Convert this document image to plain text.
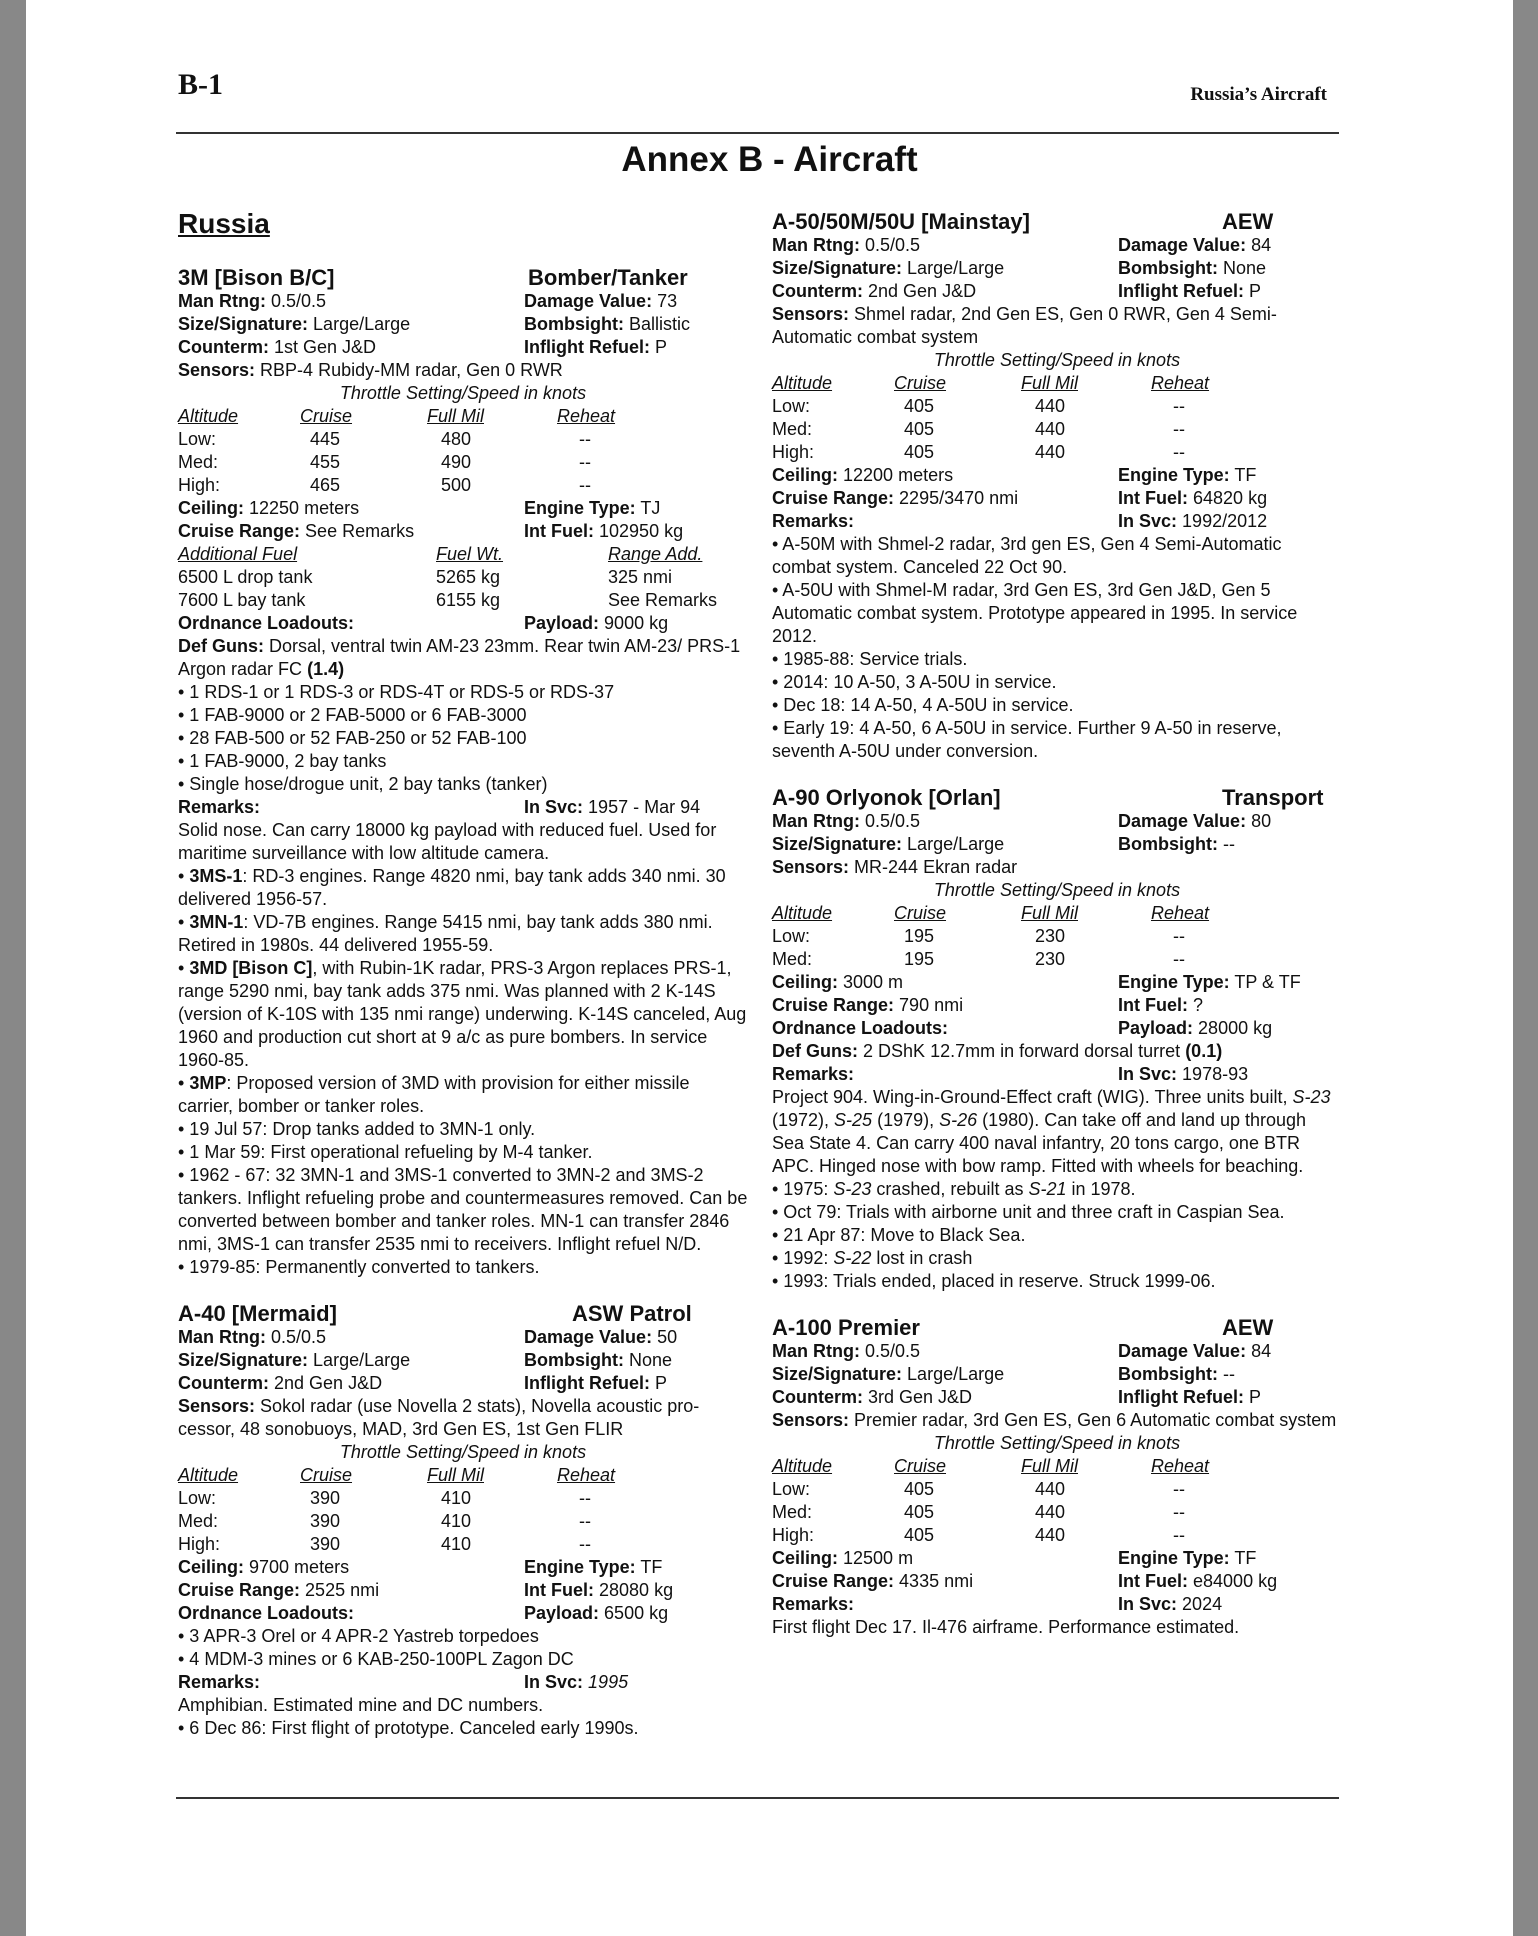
B-1	Russia’s Aircraft
Annex B - Aircraft
Russia
3M [Bison B/C]	Bomber/Tanker
Man Rtng: 0.5/0.5	Damage Value: 73
Size/Signature: Large/Large	Bombsight: Ballistic
Counterm: 1st Gen J&D	Inflight Refuel: P
Sensors: RBP-4 Rubidy-MM radar, Gen 0 RWR
Throttle Setting/Speed in knots
Altitude	Cruise	Full Mil	Reheat
Low:	445	480	--
Med:	455	490	--
High:	465	500	--
Ceiling: 12250 meters	Engine Type: TJ
Cruise Range: See Remarks	Int Fuel: 102950 kg
Additional Fuel	Fuel Wt.	Range Add.
6500 L drop tank	5265 kg	325 nmi
7600 L bay tank	6155 kg	See Remarks
Ordnance Loadouts:	Payload: 9000 kg
Def Guns: Dorsal, ventral twin AM-23 23mm. Rear twin AM-23/ PRS-1 Argon radar FC (1.4)
• 1 RDS-1 or 1 RDS-3 or RDS-4T or RDS-5 or RDS-37
• 1 FAB-9000 or 2 FAB-5000 or 6 FAB-3000
• 28 FAB-500 or 52 FAB-250 or 52 FAB-100
• 1 FAB-9000, 2 bay tanks
• Single hose/drogue unit, 2 bay tanks (tanker)
Remarks:	In Svc: 1957 - Mar 94
Solid nose. Can carry 18000 kg payload with reduced fuel. Used for maritime surveillance with low altitude camera.
• 3MS-1: RD-3 engines. Range 4820 nmi, bay tank adds 340 nmi. 30 delivered 1956-57.
• 3MN-1: VD-7B engines. Range 5415 nmi, bay tank adds 380 nmi. Retired in 1980s. 44 delivered 1955-59.
• 3MD [Bison C], with Rubin-1K radar, PRS-3 Argon replaces PRS-1, range 5290 nmi, bay tank adds 375 nmi. Was planned with 2 K-14S (version of K-10S with 135 nmi range) underwing. K-14S canceled, Aug 1960 and production cut short at 9 a/c as pure bombers. In service 1960-85.
• 3MP: Proposed version of 3MD with provision for either missile carrier, bomber or tanker roles.
• 19 Jul 57: Drop tanks added to 3MN-1 only.
• 1 Mar 59: First operational refueling by M-4 tanker.
• 1962 - 67: 32 3MN-1 and 3MS-1 converted to 3MN-2 and 3MS-2 tankers. Inflight refueling probe and countermeasures removed. Can be converted between bomber and tanker roles. MN-1 can transfer 2846 nmi, 3MS-1 can transfer 2535 nmi to receivers. Inflight refuel N/D.
• 1979-85: Permanently converted to tankers.
A-40 [Mermaid]	ASW Patrol
Man Rtng: 0.5/0.5	Damage Value: 50
Size/Signature: Large/Large	Bombsight: None
Counterm: 2nd Gen J&D	Inflight Refuel: P
Sensors: Sokol radar (use Novella 2 stats), Novella acoustic pro-cessor, 48 sonobuoys, MAD, 3rd Gen ES, 1st Gen FLIR
Throttle Setting/Speed in knots
Altitude	Cruise	Full Mil	Reheat
Low:	390	410	--
Med:	390	410	--
High:	390	410	--
Ceiling: 9700 meters	Engine Type: TF
Cruise Range: 2525 nmi	Int Fuel: 28080 kg
Ordnance Loadouts:	Payload: 6500 kg
• 3 APR-3 Orel or 4 APR-2 Yastreb torpedoes
• 4 MDM-3 mines or 6 KAB-250-100PL Zagon DC
Remarks:	In Svc: 1995
Amphibian. Estimated mine and DC numbers.
• 6 Dec 86: First flight of prototype. Canceled early 1990s.
A-50/50M/50U [Mainstay]	AEW
Man Rtng: 0.5/0.5	Damage Value: 84
Size/Signature: Large/Large	Bombsight: None
Counterm: 2nd Gen J&D	Inflight Refuel: P
Sensors: Shmel radar, 2nd Gen ES, Gen 0 RWR, Gen 4 Semi-Automatic combat system
Throttle Setting/Speed in knots
Altitude	Cruise	Full Mil	Reheat
Low:	405	440	--
Med:	405	440	--
High:	405	440	--
Ceiling: 12200 meters	Engine Type: TF
Cruise Range: 2295/3470 nmi	Int Fuel: 64820 kg
Remarks:	In Svc: 1992/2012
• A-50M with Shmel-2 radar, 3rd gen ES, Gen 4 Semi-Automatic combat system. Canceled 22 Oct 90.
• A-50U with Shmel-M radar, 3rd Gen ES, 3rd Gen J&D, Gen 5 Automatic combat system. Prototype appeared in 1995. In service 2012.
• 1985-88: Service trials.
• 2014: 10 A-50, 3 A-50U in service.
• Dec 18: 14 A-50, 4 A-50U in service.
• Early 19: 4 A-50, 6 A-50U in service. Further 9 A-50 in reserve, seventh A-50U under conversion.
A-90 Orlyonok [Orlan]	Transport
Man Rtng: 0.5/0.5	Damage Value: 80
Size/Signature: Large/Large	Bombsight: --
Sensors: MR-244 Ekran radar
Throttle Setting/Speed in knots
Altitude	Cruise	Full Mil	Reheat
Low:	195	230	--
Med:	195	230	--
Ceiling: 3000 m	Engine Type: TP & TF
Cruise Range: 790 nmi	Int Fuel: ?
Ordnance Loadouts:	Payload: 28000 kg
Def Guns: 2 DShK 12.7mm in forward dorsal turret (0.1)
Remarks:	In Svc: 1978-93
Project 904. Wing-in-Ground-Effect craft (WIG). Three units built, S-23 (1972), S-25 (1979), S-26 (1980). Can take off and land up through Sea State 4. Can carry 400 naval infantry, 20 tons cargo, one BTR APC. Hinged nose with bow ramp. Fitted with wheels for beaching.
• 1975: S-23 crashed, rebuilt as S-21 in 1978.
• Oct 79: Trials with airborne unit and three craft in Caspian Sea.
• 21 Apr 87: Move to Black Sea.
• 1992: S-22 lost in crash
• 1993: Trials ended, placed in reserve. Struck 1999-06.
A-100 Premier	AEW
Man Rtng: 0.5/0.5	Damage Value: 84
Size/Signature: Large/Large	Bombsight: --
Counterm: 3rd Gen J&D	Inflight Refuel: P
Sensors: Premier radar, 3rd Gen ES, Gen 6 Automatic combat system
Throttle Setting/Speed in knots
Altitude	Cruise	Full Mil	Reheat
Low:	405	440	--
Med:	405	440	--
High:	405	440	--
Ceiling: 12500 m	Engine Type: TF
Cruise Range: 4335 nmi	Int Fuel: e84000 kg
Remarks:	In Svc: 2024
First flight Dec 17. Il-476 airframe. Performance estimated.
